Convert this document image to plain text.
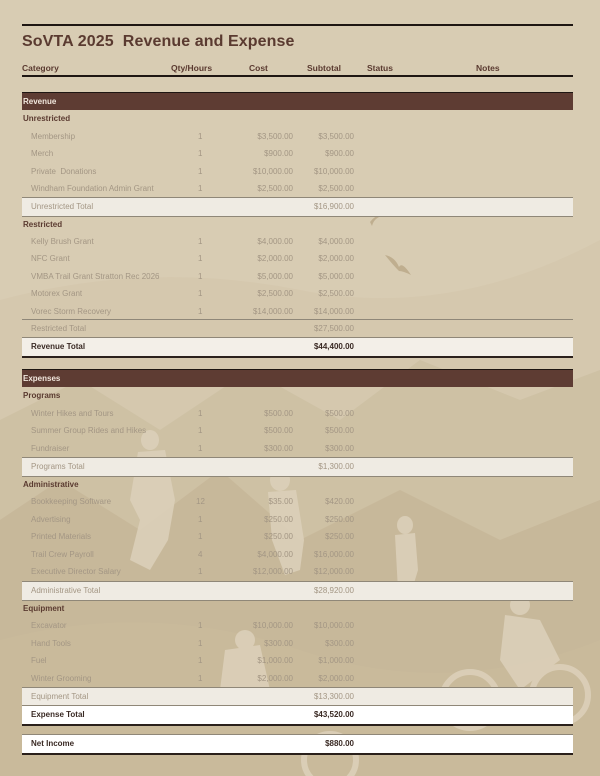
SoVTA 2025  Revenue and Expense
Category	Qty/Hours	Cost	Subtotal	Status	Notes
Revenue
Unrestricted
Membership	1	$3,500.00	$3,500.00
Merch	1	$900.00	$900.00
Private  Donations	1	$10,000.00	$10,000.00
Windham Foundation Admin Grant	1	$2,500.00	$2,500.00
Unrestricted Total	$16,900.00
Restricted
Kelly Brush Grant	1	$4,000.00	$4,000.00
NFC Grant	1	$2,000.00	$2,000.00
VMBA Trail Grant Stratton Rec 2026	1	$5,000.00	$5,000.00
Motorex Grant	1	$2,500.00	$2,500.00
Vorec Storm Recovery	1	$14,000.00	$14,000.00
Restricted Total	$27,500.00
Revenue Total	$44,400.00
Expenses
Programs
Winter Hikes and Tours	1	$500.00	$500.00
Summer Group Rides and Hikes	1	$500.00	$500.00
Fundraiser	1	$300.00	$300.00
Programs Total	$1,300.00
Administrative
Bookkeeping Software	12	$35.00	$420.00
Advertising	1	$250.00	$250.00
Printed Materials	1	$250.00	$250.00
Trail Crew Payroll	4	$4,000.00	$16,000.00
Executive Director Salary	1	$12,000.00	$12,000.00
Administrative Total	$28,920.00
Equipment
Excavator	1	$10,000.00	$10,000.00
Hand Tools	1	$300.00	$300.00
Fuel	1	$1,000.00	$1,000.00
Winter Grooming	1	$2,000.00	$2,000.00
Equipment Total	$13,300.00
Expense Total	$43,520.00
Net Income	$880.00
